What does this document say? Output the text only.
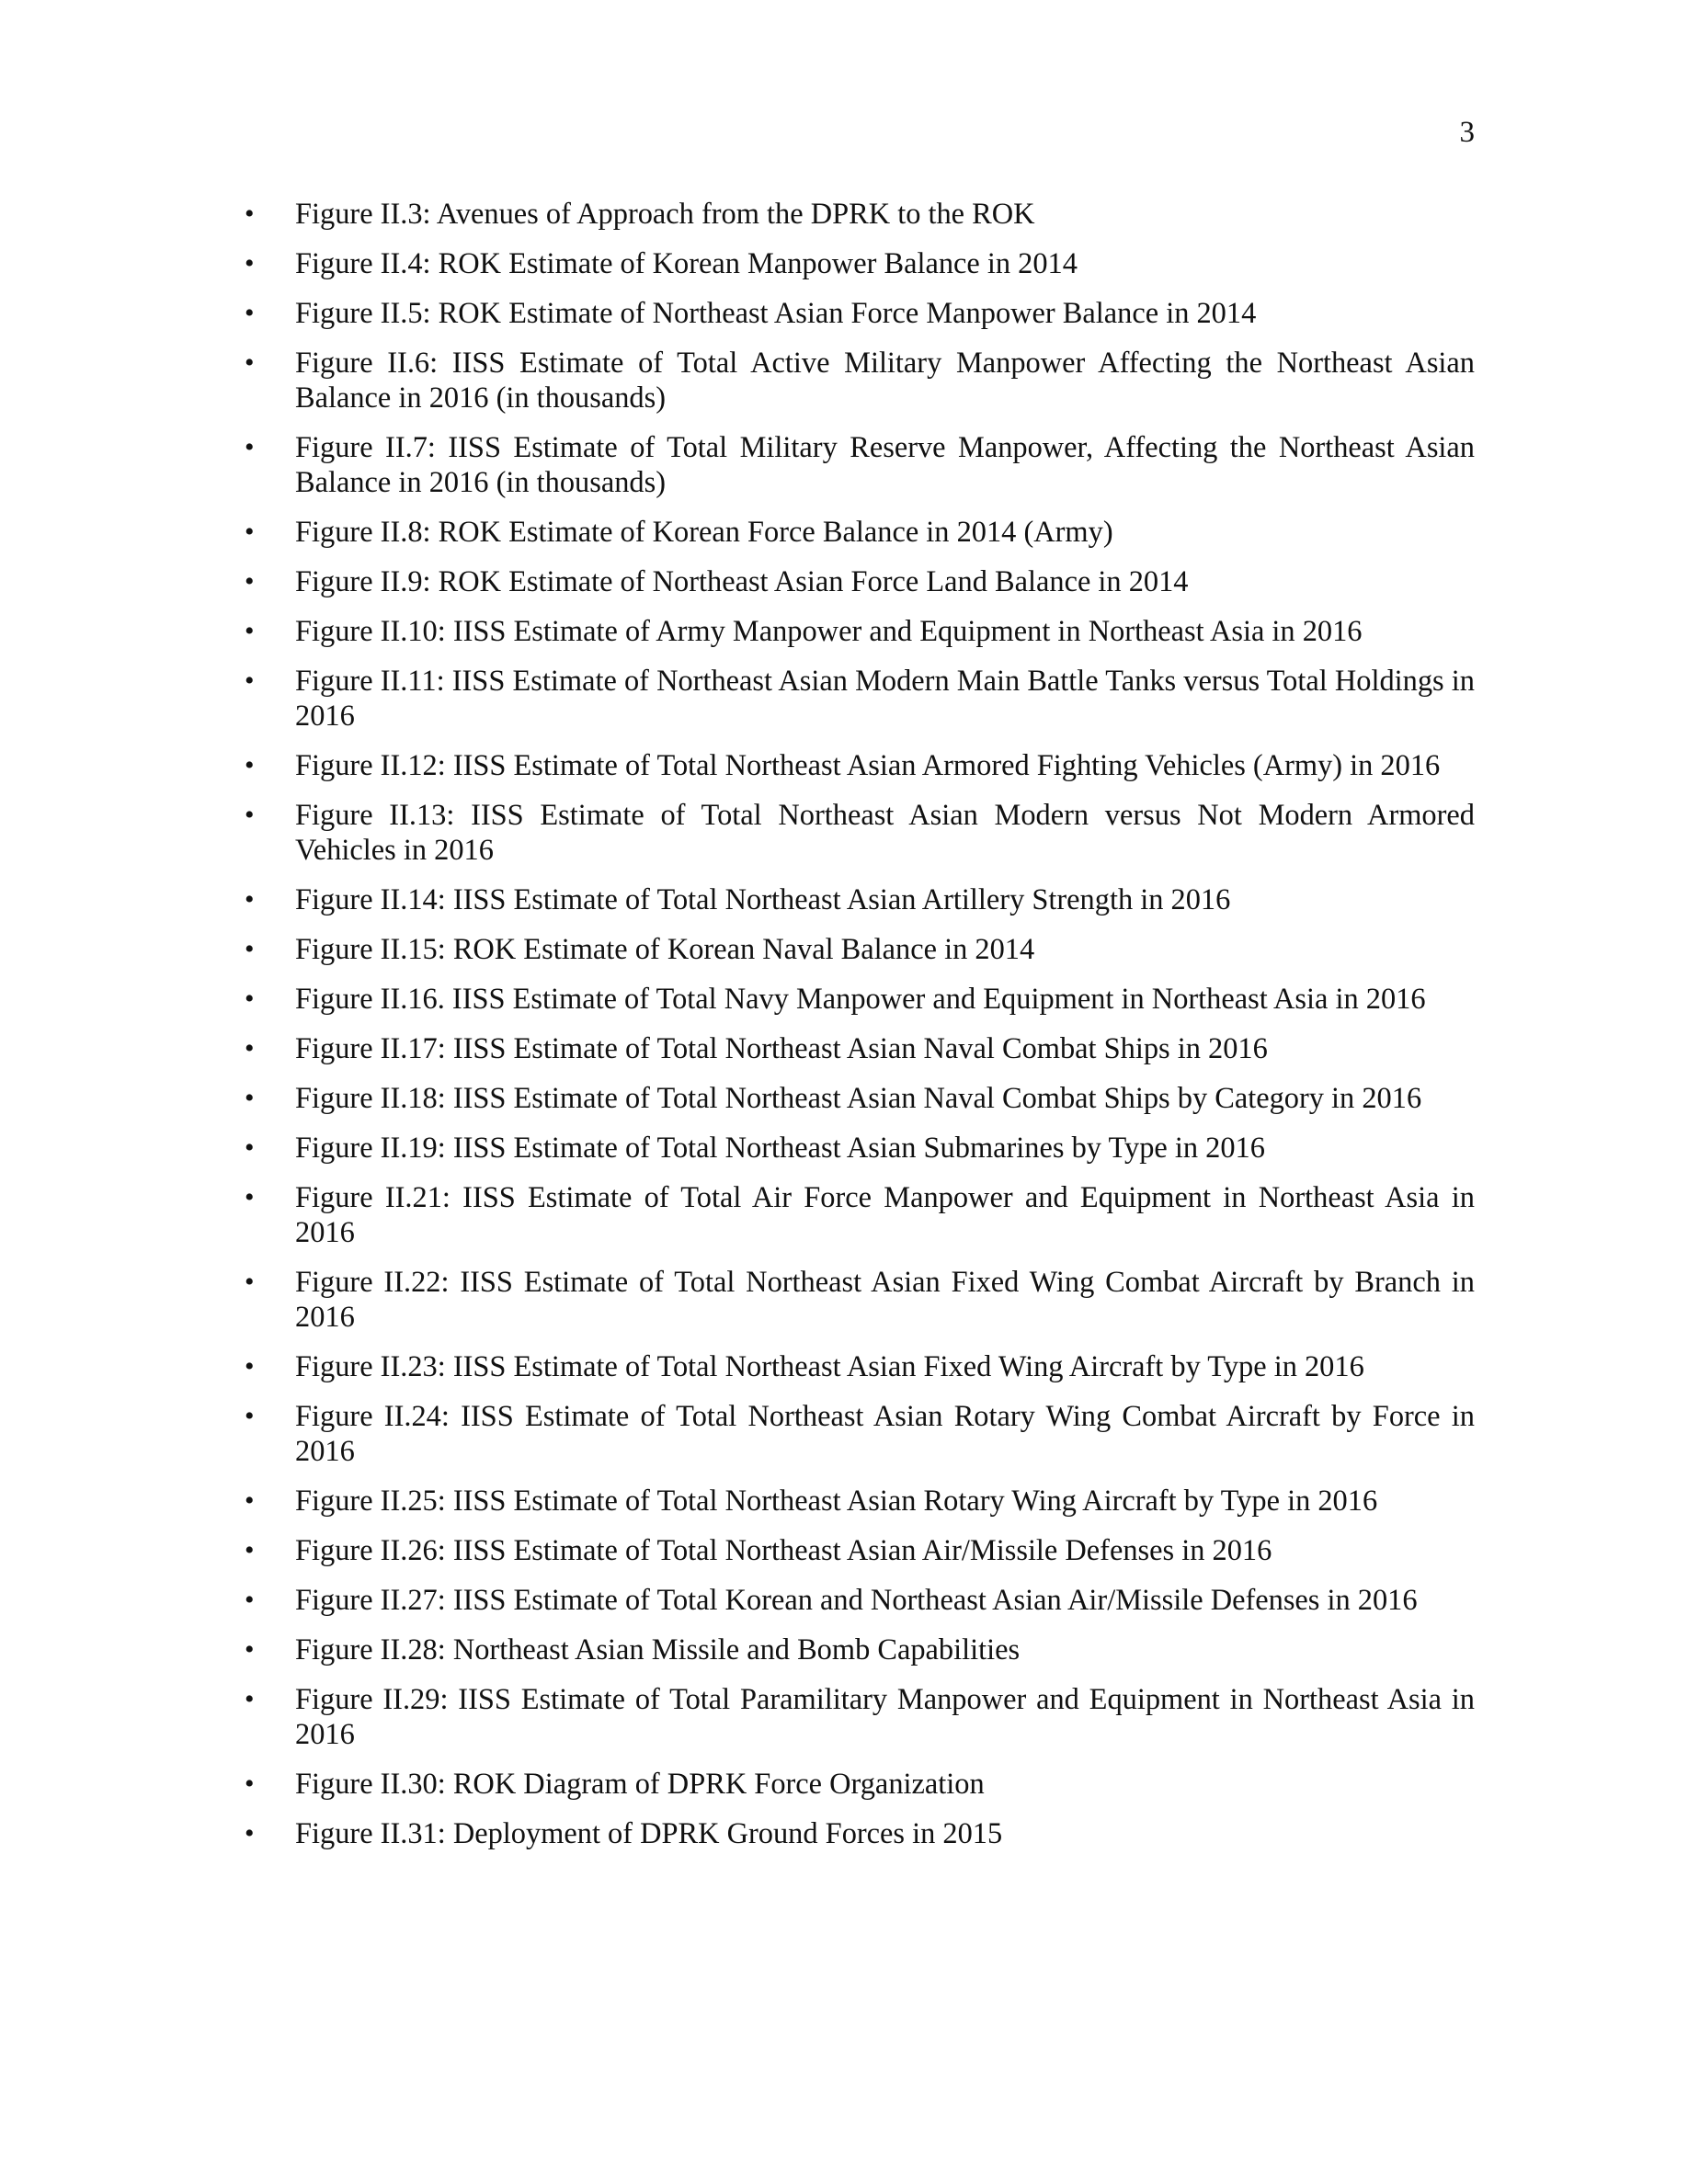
3
• Figure II.3: Avenues of Approach from the DPRK to the ROK
• Figure II.4: ROK Estimate of Korean Manpower Balance in 2014
• Figure II.5: ROK Estimate of Northeast Asian Force Manpower Balance in 2014
• Figure II.6: IISS Estimate of Total Active Military Manpower Affecting the Northeast Asian Balance in 2016 (in thousands)
• Figure II.7: IISS Estimate of Total Military Reserve Manpower, Affecting the Northeast Asian Balance in 2016 (in thousands)
• Figure II.8: ROK Estimate of Korean Force Balance in 2014 (Army)
• Figure II.9: ROK Estimate of Northeast Asian Force Land Balance in 2014
• Figure II.10: IISS Estimate of Army Manpower and Equipment in Northeast Asia in 2016
• Figure II.11: IISS Estimate of Northeast Asian Modern Main Battle Tanks versus Total Holdings in 2016
• Figure II.12: IISS Estimate of Total Northeast Asian Armored Fighting Vehicles (Army) in 2016
• Figure II.13: IISS Estimate of Total Northeast Asian Modern versus Not Modern Armored Vehicles in 2016
• Figure II.14: IISS Estimate of Total Northeast Asian Artillery Strength in 2016
• Figure II.15: ROK Estimate of Korean Naval Balance in 2014
• Figure II.16. IISS Estimate of Total Navy Manpower and Equipment in Northeast Asia in 2016
• Figure II.17: IISS Estimate of Total Northeast Asian Naval Combat Ships in 2016
• Figure II.18: IISS Estimate of Total Northeast Asian Naval Combat Ships by Category in 2016
• Figure II.19: IISS Estimate of Total Northeast Asian Submarines by Type in 2016
• Figure II.21: IISS Estimate of Total Air Force Manpower and Equipment in Northeast Asia in 2016
• Figure II.22: IISS Estimate of Total Northeast Asian Fixed Wing Combat Aircraft by Branch in 2016
• Figure II.23: IISS Estimate of Total Northeast Asian Fixed Wing Aircraft by Type in 2016
• Figure II.24: IISS Estimate of Total Northeast Asian Rotary Wing Combat Aircraft by Force in 2016
• Figure II.25: IISS Estimate of Total Northeast Asian Rotary Wing Aircraft by Type in 2016
• Figure II.26: IISS Estimate of Total Northeast Asian Air/Missile Defenses in 2016
• Figure II.27: IISS Estimate of Total Korean and Northeast Asian Air/Missile Defenses in 2016
• Figure II.28: Northeast Asian Missile and Bomb Capabilities
• Figure II.29: IISS Estimate of Total Paramilitary Manpower and Equipment in Northeast Asia in 2016
• Figure II.30: ROK Diagram of DPRK Force Organization
• Figure II.31: Deployment of DPRK Ground Forces in 2015
